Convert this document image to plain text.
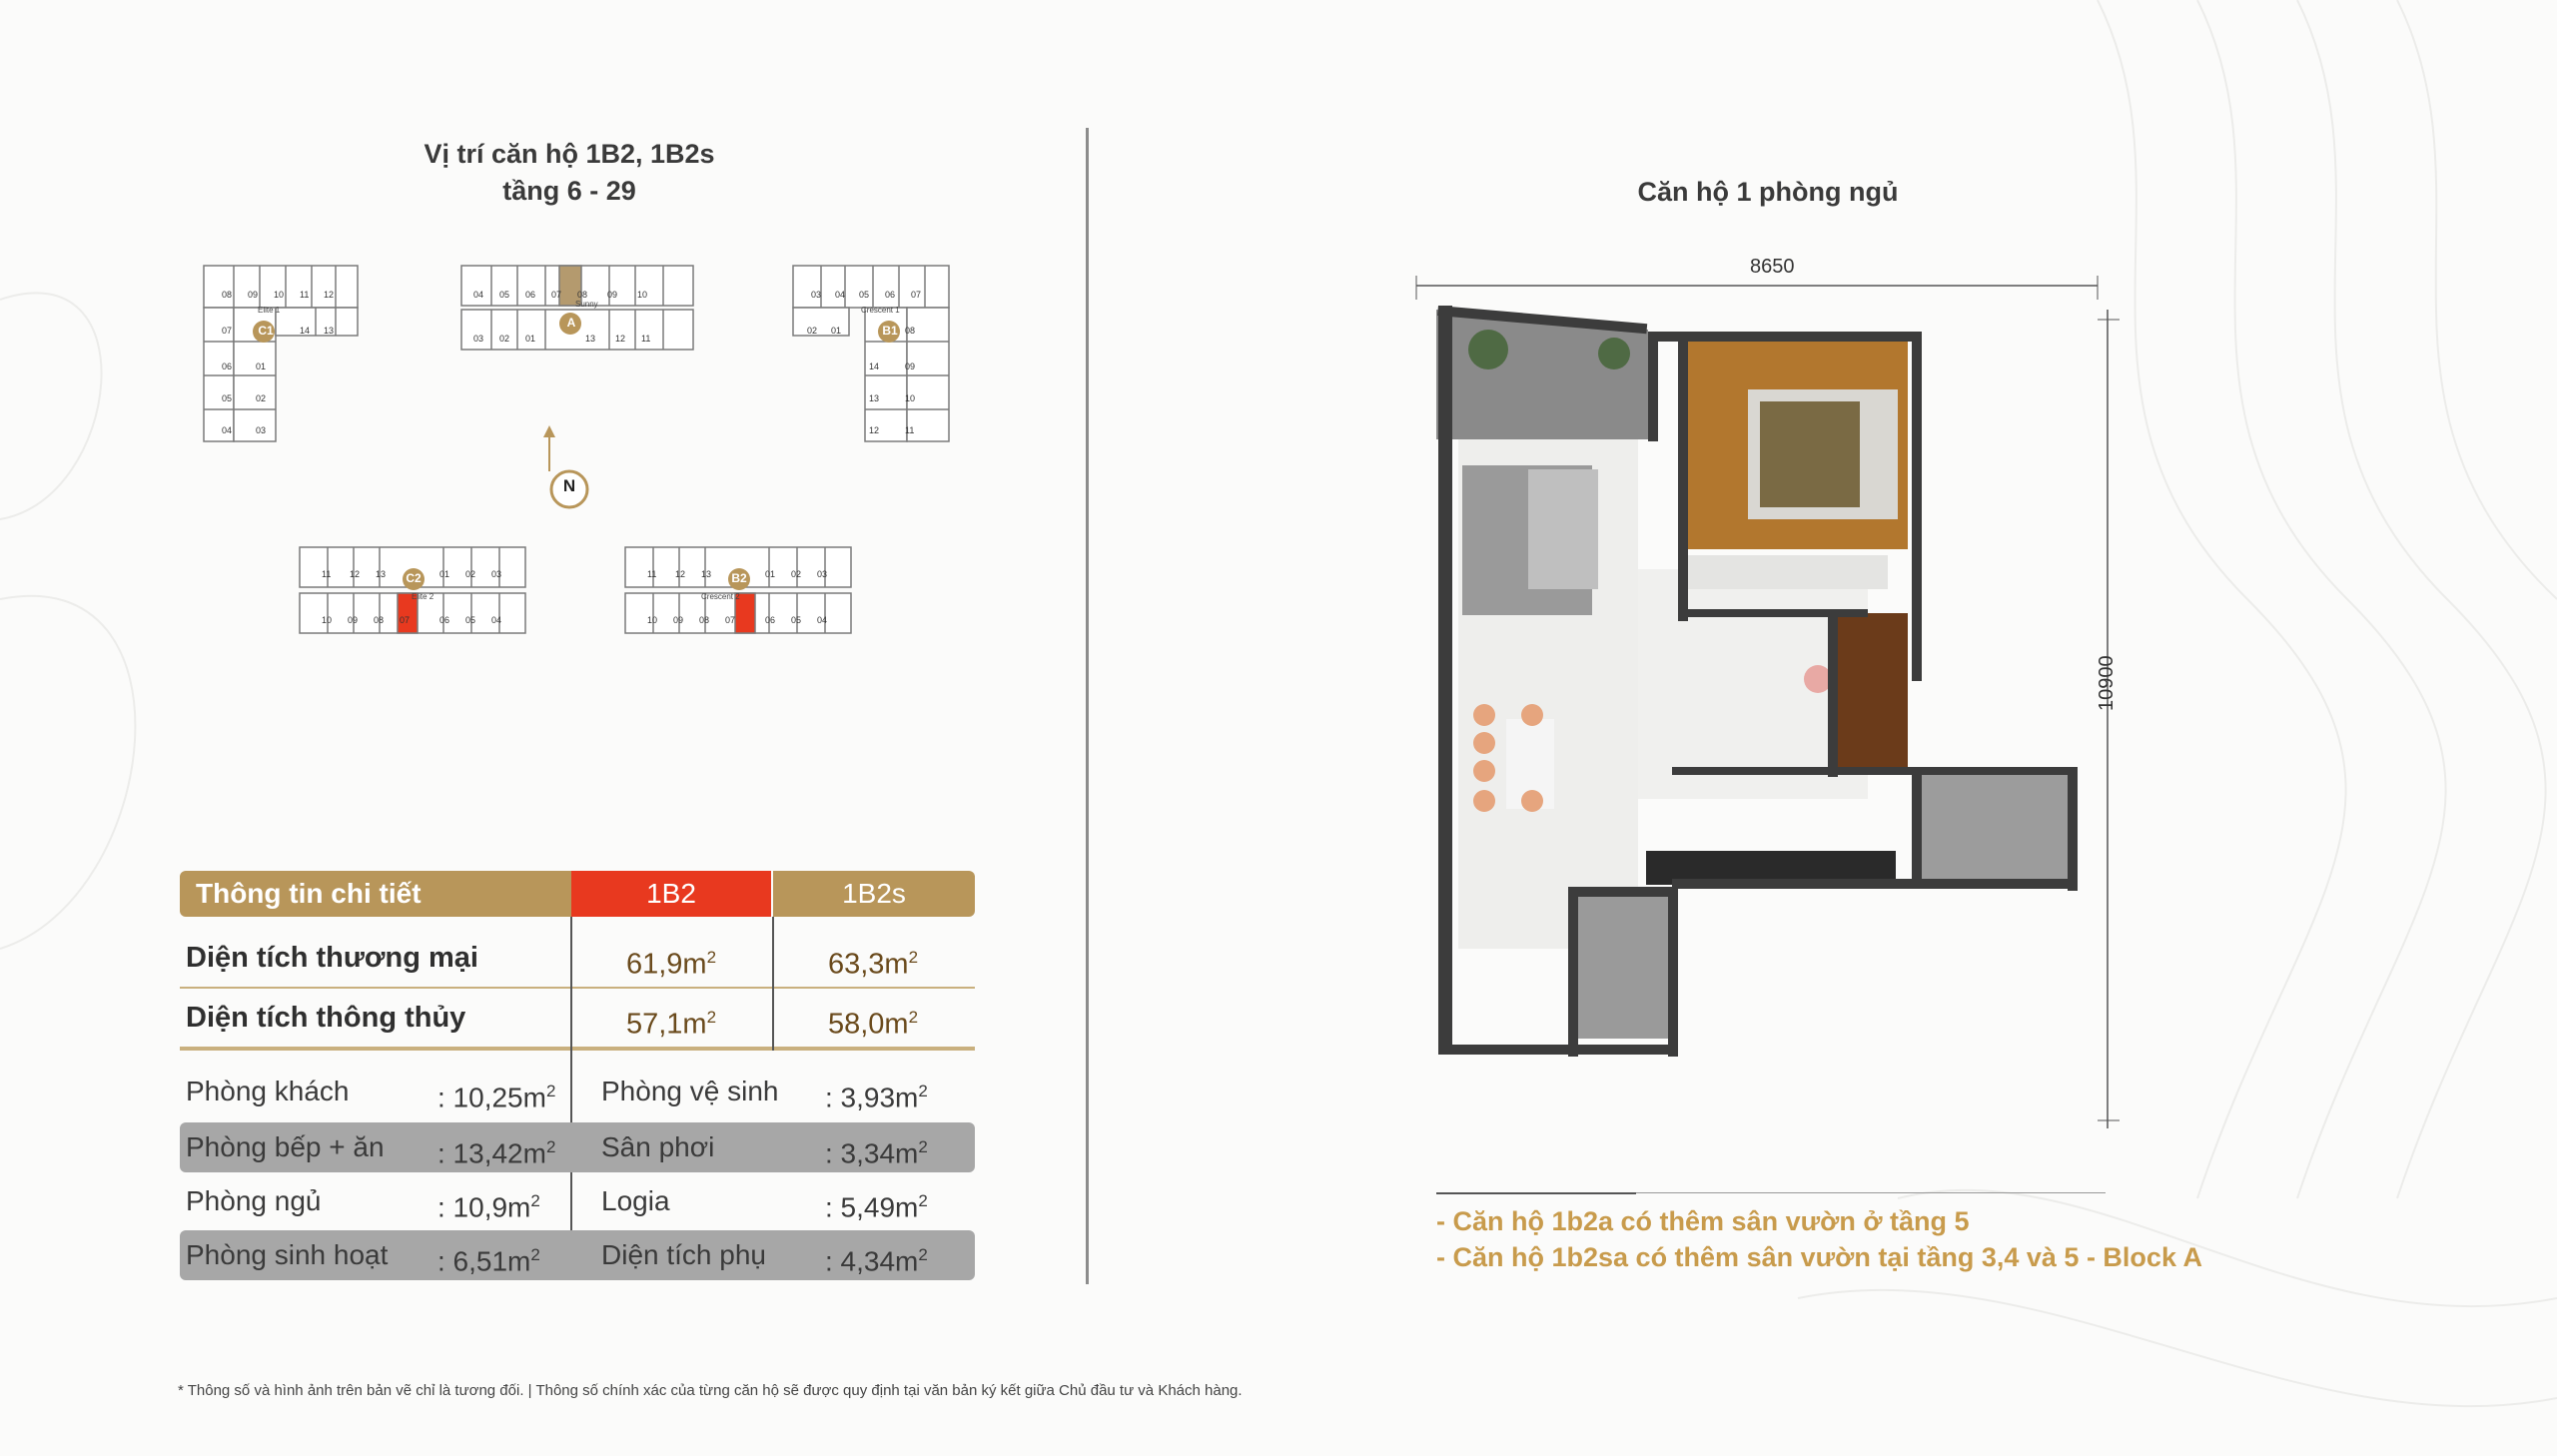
Vị trí căn hộ 1B2, 1B2s
tầng 6 - 29
C1
A
B1
C2	B2
N
08 09 10 11 12
07	14 13
06	01
05	02
04	03
04 05 06 07 08 09 10
03 02 01	13 12 11
03 04 05 06 07
02 01	08
14	09
13	10
12	11
11 12 13	01 02 03
10 09 08 07	06 05 04
11 12 13	01 02 03
10 09 08 07	06 05 04
Elite 1
Sunny
Crescent 1
Elite 2	Crescent 2
Thông tin chi tiết	1B2	1B2s
Diện tích thương mại	$61,9m^2$	$63,3m^2$
Diện tích thông thủy	$57,1m^2$	$58,0m^2$
Phòng khách	: $10,25m^2$ Phòng vệ sinh : $3,93m^2$
Phòng bếp + ăn : $13,42m^2$ Sân phơi	: $3,34m^2$
Phòng ngủ	: $10,9m^2$ Logia	: $5,49m^2$
Phòng sinh hoạt : $6,51m^2$ Diện tích phụ : $4,34m^2$
Căn hộ 1 phòng ngủ
8650
10900
- Căn hộ 1b2a có thêm sân vườn ở tầng 5
- Căn hộ 1b2sa có thêm sân vườn tại tầng 3,4 và 5 - Block A
* Thông số và hình ảnh trên bản vẽ chỉ là tương đối. | Thông số chính xác của từng căn hộ sẽ được quy định tại văn bản ký kết giữa Chủ đầu tư và Khách hàng.
